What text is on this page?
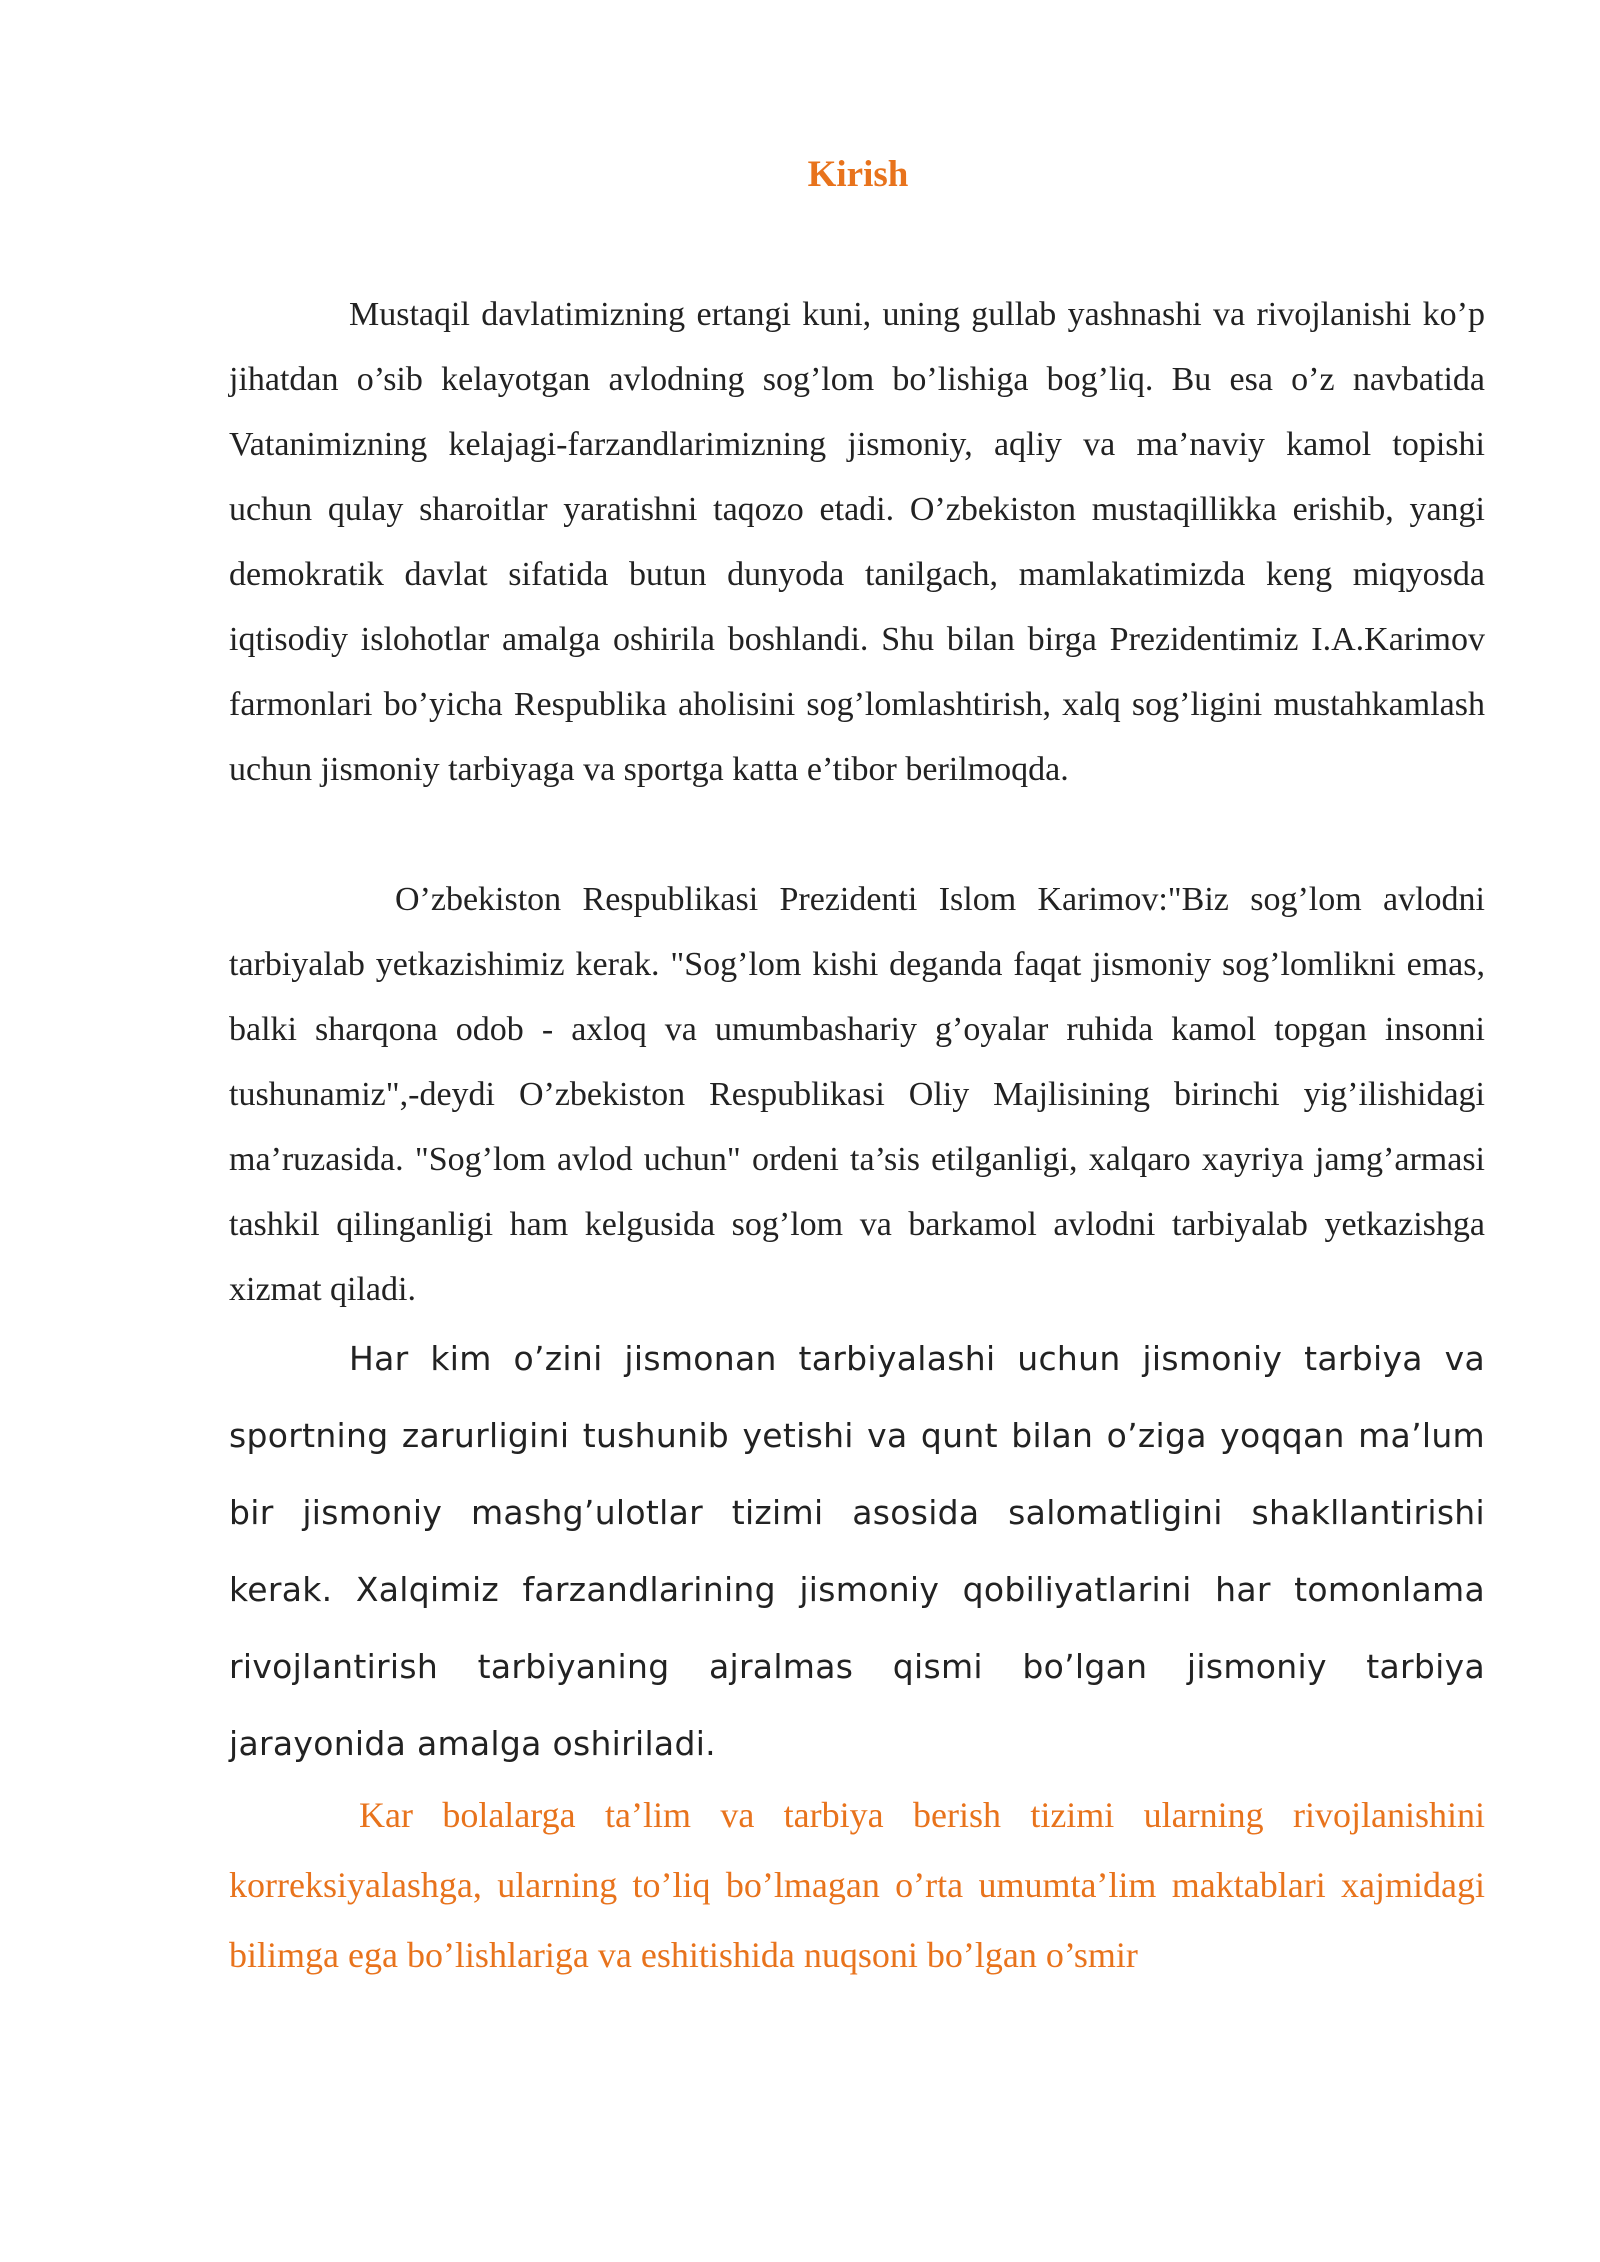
Kirish

Mustaqil davlatimizning ertangi kuni, uning gullab yashnashi va rivojlanishi ko’p jihatdan o’sib kelayotgan avlodning sog’lom bo’lishiga bog’liq. Bu esa o’z navbatida Vatanimizning kelajagi-farzandlarimizning jismoniy, aqliy va ma’naviy kamol topishi uchun qulay sharoitlar yaratishni taqozo etadi. O’zbekiston mustaqillikka erishib, yangi demokratik davlat sifatida butun dunyoda tanilgach, mamlakatimizda keng miqyosda iqtisodiy islohotlar amalga oshirila boshlandi. Shu bilan birga Prezidentimiz I.A.Karimov farmonlari bo’yicha Respublika aholisini sog’lomlashtirish, xalq sog’ligini mustahkamlash uchun jismoniy tarbiyaga va sportga katta e’tibor berilmoqda.

O’zbekiston Respublikasi Prezidenti Islom Karimov:"Biz sog’lom avlodni tarbiyalab yetkazishimiz kerak. "Sog’lom kishi deganda faqat jismoniy sog’lomlikni emas, balki sharqona odob - axloq va umumbashariy g’oyalar ruhida kamol topgan insonni tushunamiz",-deydi O’zbekiston Respublikasi Oliy Majlisining birinchi yig’ilishidagi ma’ruzasida. "Sog’lom avlod uchun" ordeni ta’sis etilganligi, xalqaro xayriya jamg’armasi tashkil qilinganligi ham kelgusida sog’lom va barkamol avlodni tarbiyalab yetkazishga xizmat qiladi.

Har kim o’zini jismonan tarbiyalashi uchun jismoniy tarbiya va sportning zarurligini tushunib yetishi va qunt bilan o’ziga yoqqan ma’lum bir jismoniy mashg’ulotlar tizimi asosida salomatligini shakllantirishi kerak. Xalqimiz farzandlarining jismoniy qobiliyatlarini har tomonlama rivojlantirish tarbiyaning ajralmas qismi bo’lgan jismoniy tarbiya jarayonida amalga oshiriladi.

Kar bolalarga ta’lim va tarbiya berish tizimi ularning rivojlanishini korreksiyalashga, ularning to’liq bo’lmagan o’rta umumta’lim maktablari xajmidagi bilimga ega bo’lishlariga va eshitishida nuqsoni bo’lgan o’smir
